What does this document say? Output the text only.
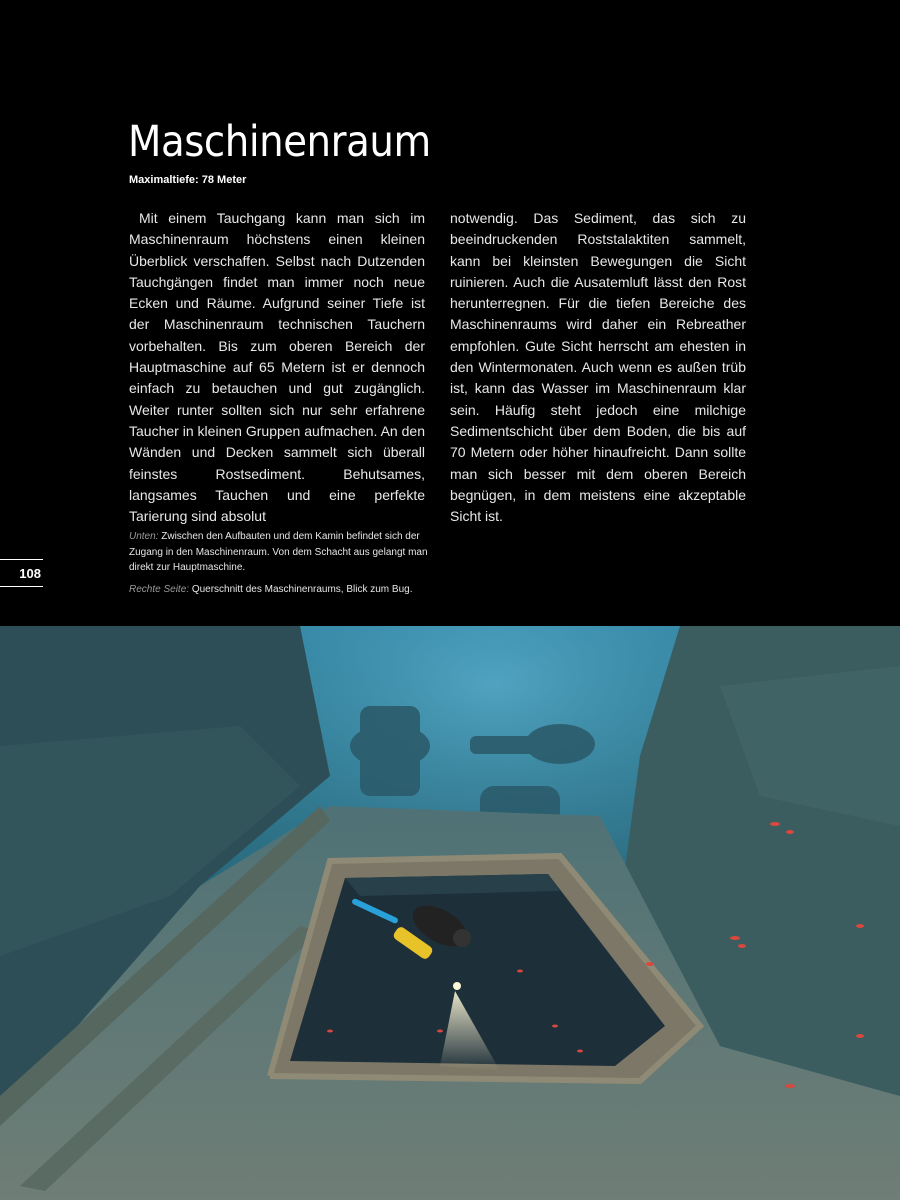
Maschinenraum

Maximaltiefe: 78 Meter

Mit einem Tauchgang kann man sich im Maschinenraum höchstens einen kleinen Überblick verschaffen. Selbst nach Dutzenden Tauchgängen findet man immer noch neue Ecken und Räume. Aufgrund seiner Tiefe ist der Maschinenraum technischen Tauchern vorbehalten. Bis zum oberen Bereich der Hauptmaschine auf 65 Metern ist er dennoch einfach zu betauchen und gut zugänglich. Weiter runter sollten sich nur sehr erfahrene Taucher in kleinen Gruppen aufmachen. An den Wänden und Decken sammelt sich überall feinstes Rostsediment. Behutsames, langsames Tauchen und eine perfekte Tarierung sind absolut

notwendig. Das Sediment, das sich zu beeindruckenden Roststalaktiten sammelt, kann bei kleinsten Bewegungen die Sicht ruinieren. Auch die Ausatemluft lässt den Rost herunterregnen. Für die tiefen Bereiche des Maschinenraums wird daher ein Rebreather empfohlen. Gute Sicht herrscht am ehesten in den Wintermonaten. Auch wenn es außen trüb ist, kann das Wasser im Maschinenraum klar sein. Häufig steht jedoch eine milchige Sedimentschicht über dem Boden, die bis auf 70 Metern oder höher hinaufreicht. Dann sollte man sich besser mit dem oberen Bereich begnügen, in dem meistens eine akzeptable Sicht ist.

Unten: Zwischen den Aufbauten und dem Kamin befindet sich der Zugang in den Maschinenraum. Von dem Schacht aus gelangt man direkt zur Hauptmaschine.

Rechte Seite: Querschnitt des Maschinenraums, Blick zum Bug.

108
